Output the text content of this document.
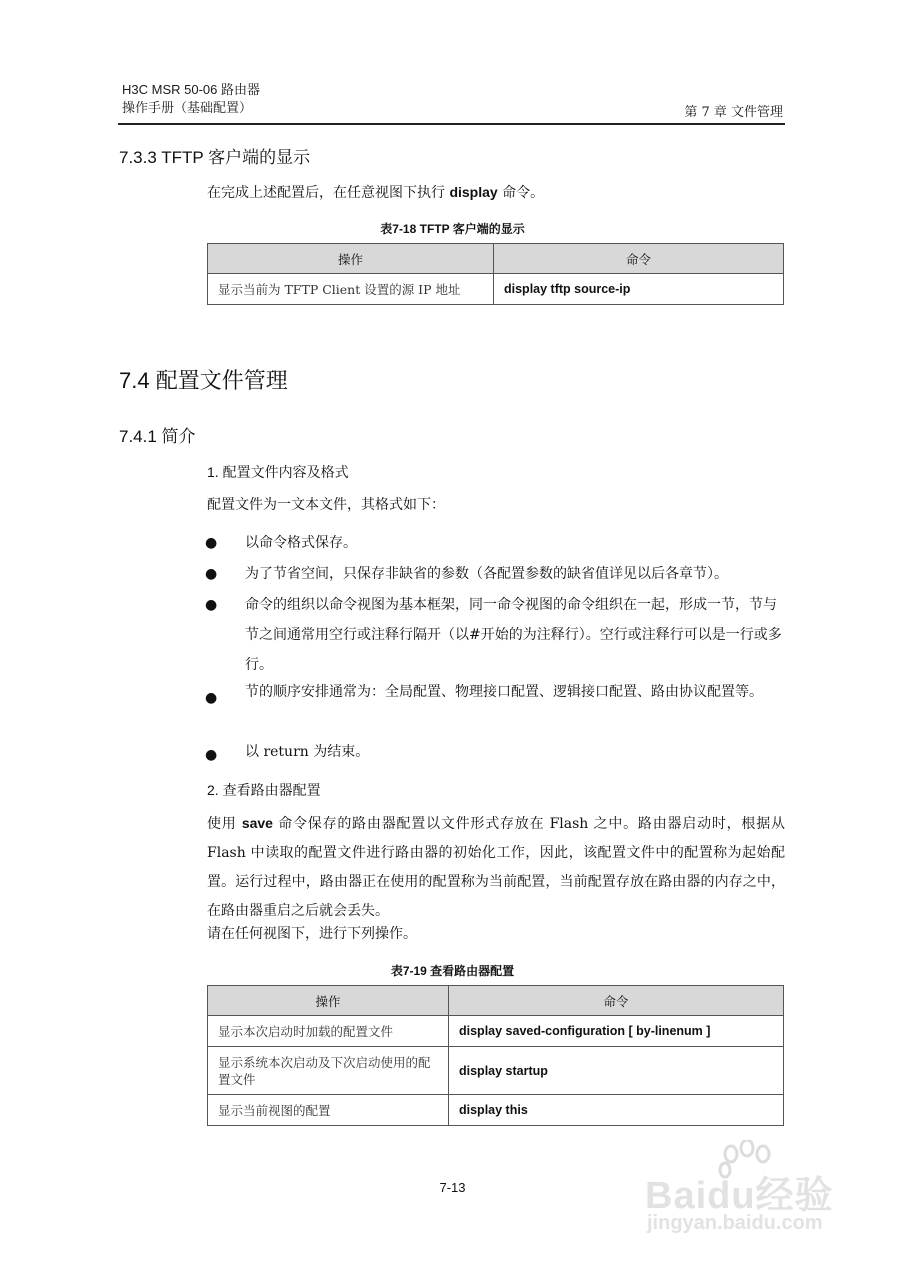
H3C MSR 50-06 路由器
操作手册（基础配置）	第 7 章 文件管理
7.3.3 TFTP 客户端的显示
在完成上述配置后，在任意视图下执行 display 命令。
表7-18 TFTP 客户端的显示
操作	命令
显示当前为 TFTP Client 设置的源 IP 地址	display tftp source-ip
7.4 配置文件管理
7.4.1 简介
1. 配置文件内容及格式
配置文件为一文本文件，其格式如下：
● 以命令格式保存。
● 为了节省空间，只保存非缺省的参数（各配置参数的缺省值详见以后各章节）。
● 命令的组织以命令视图为基本框架，同一命令视图的命令组织在一起，形成一节，节与节之间通常用空行或注释行隔开（以#开始的为注释行）。空行或注释行可以是一行或多行。
● 节的顺序安排通常为：全局配置、物理接口配置、逻辑接口配置、路由协议配置等。
● 以 return 为结束。
2. 查看路由器配置
使用 save 命令保存的路由器配置以文件形式存放在 Flash 之中。路由器启动时，根据从 Flash 中读取的配置文件进行路由器的初始化工作，因此，该配置文件中的配置称为起始配置。运行过程中，路由器正在使用的配置称为当前配置，当前配置存放在路由器的内存之中，在路由器重启之后就会丢失。
请在任何视图下，进行下列操作。
表7-19 查看路由器配置
操作	命令
显示本次启动时加载的配置文件	display saved-configuration [ by-linenum ]
显示系统本次启动及下次启动使用的配置文件	display startup
显示当前视图的配置	display this
7-13	Baidu经验
jingyan.baidu.com
